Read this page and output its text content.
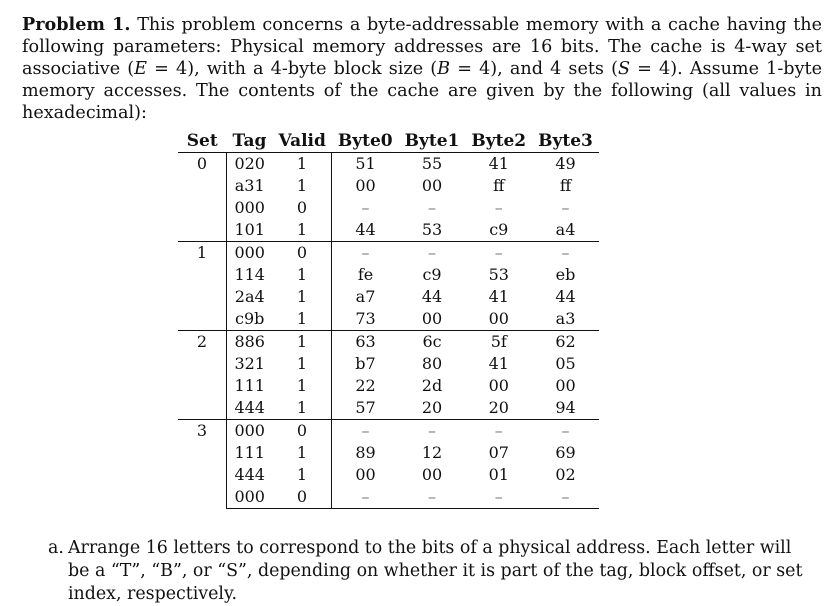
Problem 1. This problem concerns a byte-addressable memory with a cache having the following parameters: Physical memory addresses are 16 bits. The cache is 4-way set associative (E = 4), with a 4-byte block size (B = 4), and 4 sets (S = 4). Assume 1-byte memory accesses. The contents of the cache are given by the following (all values in hexadecimal):
Set	Tag	Valid	Byte0	Byte1	Byte2	Byte3
0	020	1	51	55	41	49
	a31	1	00	00	ff	ff
	000	0	–	–	–	–
	101	1	44	53	c9	a4
1	000	0	–	–	–	–
	114	1	fe	c9	53	eb
	2a4	1	a7	44	41	44
	c9b	1	73	00	00	a3
2	886	1	63	6c	5f	62
	321	1	b7	80	41	05
	111	1	22	2d	00	00
	444	1	57	20	20	94
3	000	0	–	–	–	–
	111	1	89	12	07	69
	444	1	00	00	01	02
	000	0	–	–	–	–
a. Arrange 16 letters to correspond to the bits of a physical address. Each letter will be a “T”, “B”, or “S”, depending on whether it is part of the tag, block offset, or set index, respectively.
